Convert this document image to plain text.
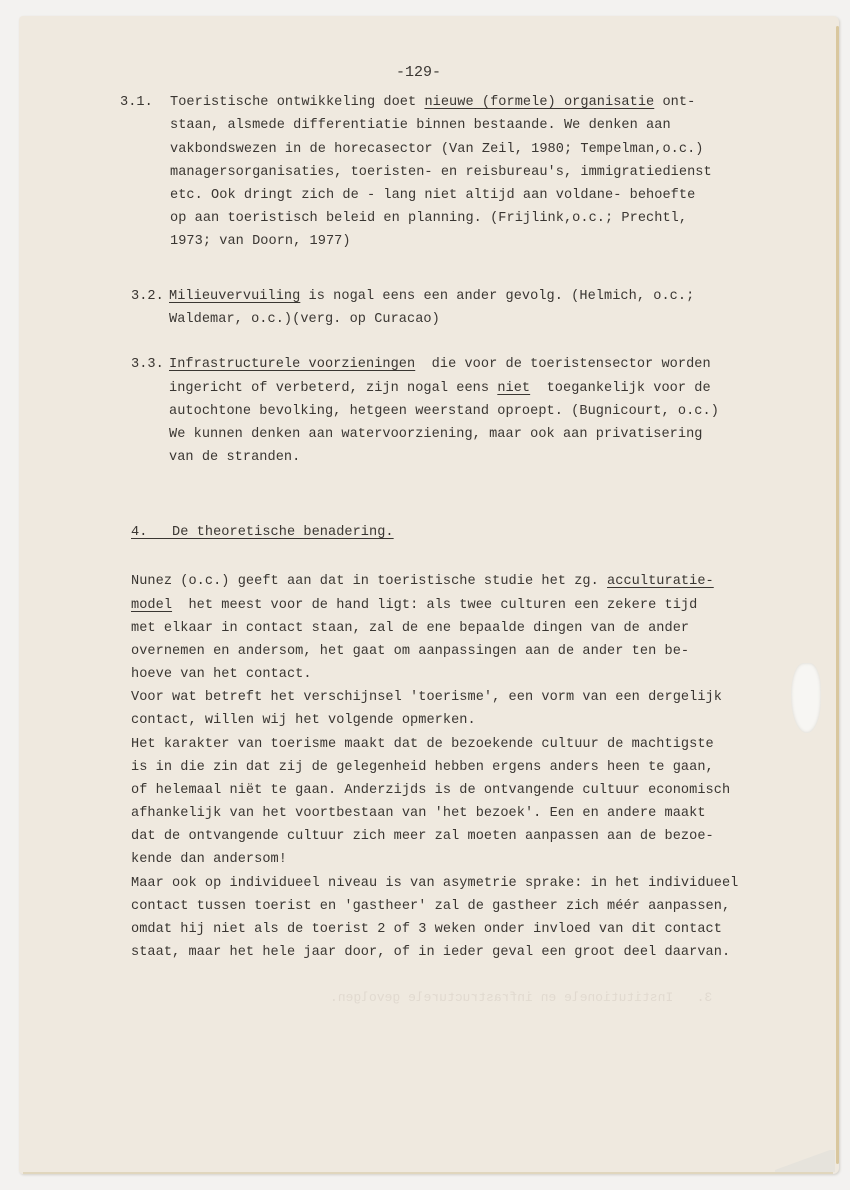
3.   Institutionele en infrastructurele gevolgen.
-129-
3.1. Toeristische ontwikkeling doet nieuwe (formele) organisatie ont-
staan, alsmede differentiatie binnen bestaande. We denken aan
vakbondswezen in de horecasector (Van Zeil, 1980; Tempelman,o.c.)
managersorganisaties, toeristen- en reisbureau's, immigratiedienst
etc. Ook dringt zich de - lang niet altijd aan voldane- behoefte
op aan toeristisch beleid en planning. (Frijlink,o.c.; Prechtl,
1973; van Doorn, 1977)
3.2. Milieuvervuiling is nogal eens een ander gevolg. (Helmich, o.c.;
Waldemar, o.c.)(verg. op Curacao)
3.3. Infrastructurele voorzieningen  die voor de toeristensector worden
ingericht of verbeterd, zijn nogal eens niet  toegankelijk voor de
autochtone bevolking, hetgeen weerstand oproept. (Bugnicourt, o.c.)
We kunnen denken aan watervoorziening, maar ook aan privatisering
van de stranden.
4.   De theoretische benadering.
Nunez (o.c.) geeft aan dat in toeristische studie het zg. acculturatie-
model  het meest voor de hand ligt: als twee culturen een zekere tijd
met elkaar in contact staan, zal de ene bepaalde dingen van de ander
overnemen en andersom, het gaat om aanpassingen aan de ander ten be-
hoeve van het contact.
Voor wat betreft het verschijnsel 'toerisme', een vorm van een dergelijk
contact, willen wij het volgende opmerken.
Het karakter van toerisme maakt dat de bezoekende cultuur de machtigste
is in die zin dat zij de gelegenheid hebben ergens anders heen te gaan,
of helemaal niët te gaan. Anderzijds is de ontvangende cultuur economisch
afhankelijk van het voortbestaan van 'het bezoek'. Een en andere maakt
dat de ontvangende cultuur zich meer zal moeten aanpassen aan de bezoe-
kende dan andersom!
Maar ook op individueel niveau is van asymetrie sprake: in het individueel
contact tussen toerist en 'gastheer' zal de gastheer zich méér aanpassen,
omdat hij niet als de toerist 2 of 3 weken onder invloed van dit contact
staat, maar het hele jaar door, of in ieder geval een groot deel daarvan.
